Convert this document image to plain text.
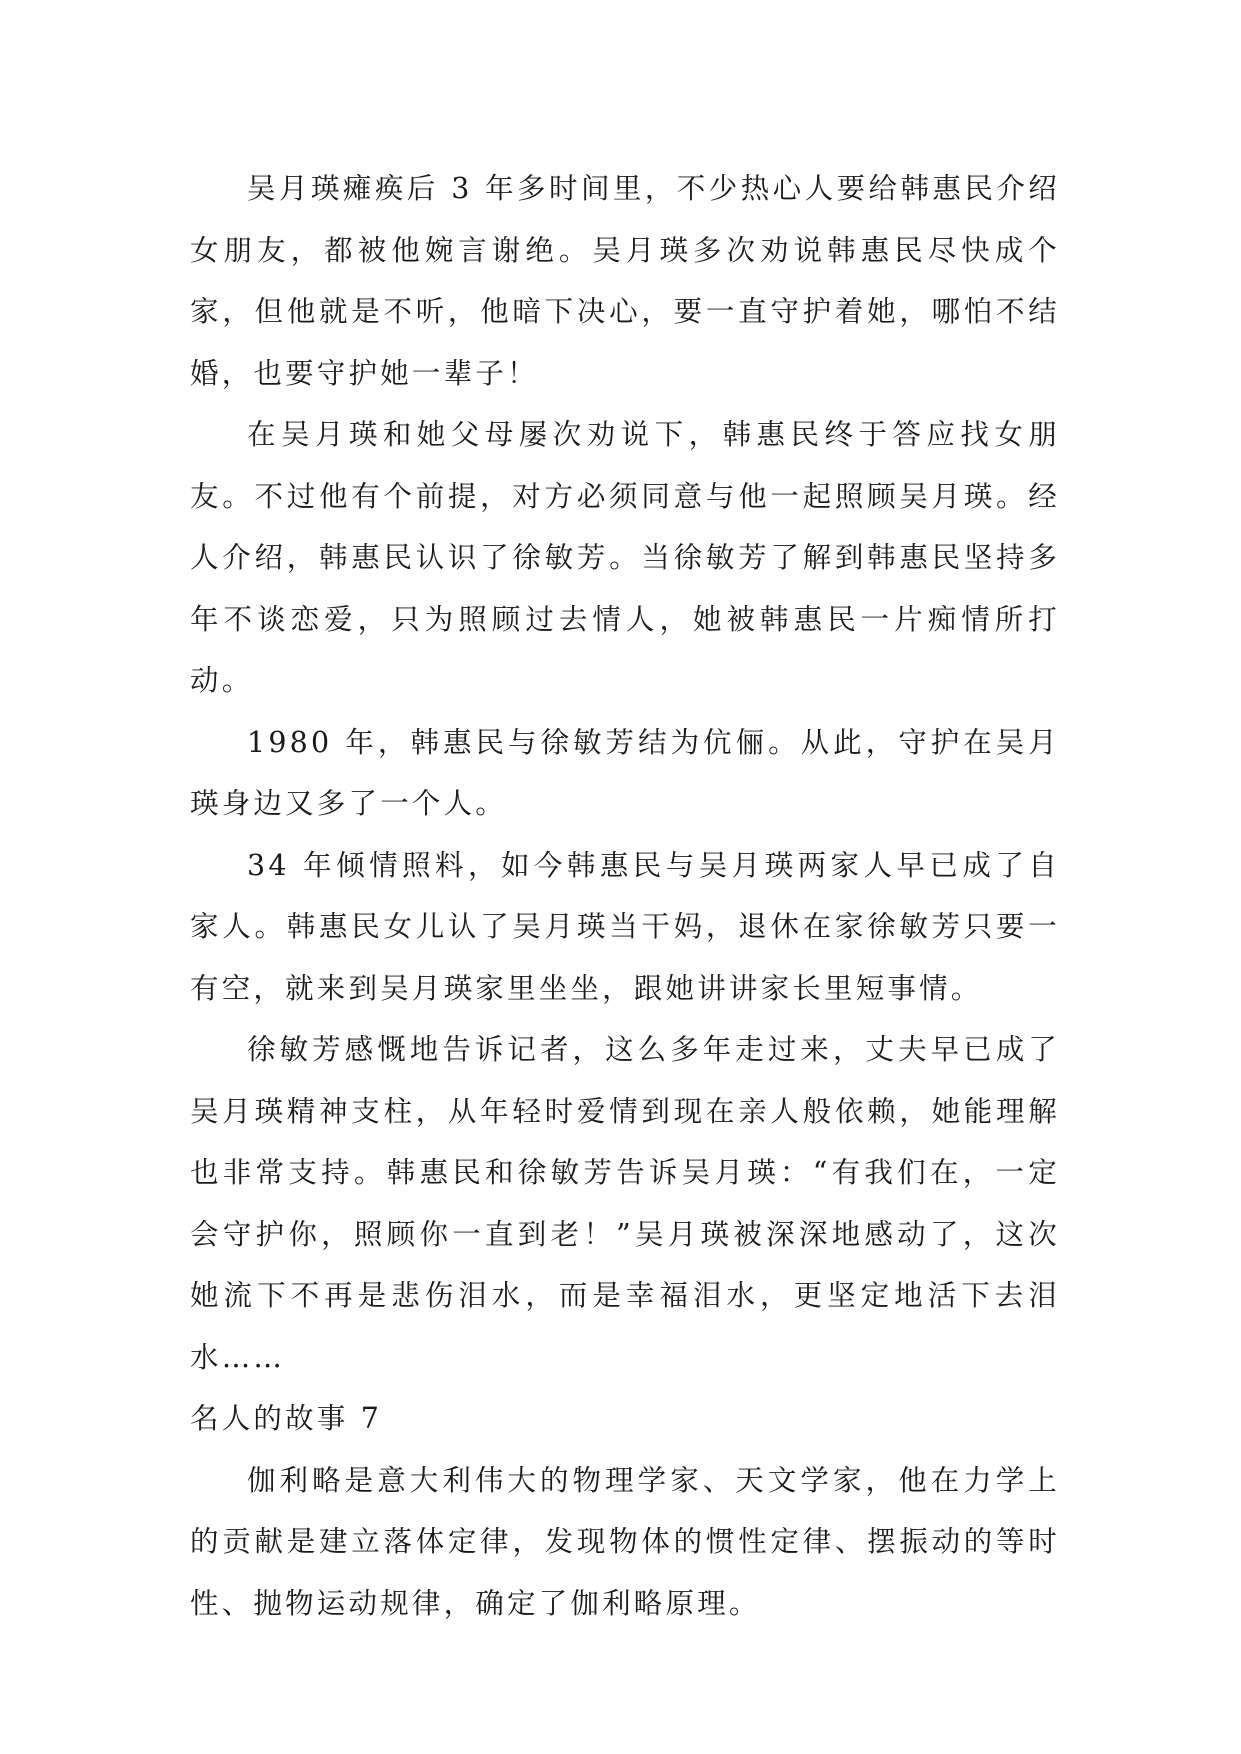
吴月瑛瘫痪后 3 年多时间里，不少热心人要给韩惠民介绍女朋友，都被他婉言谢绝。吴月瑛多次劝说韩惠民尽快成个家，但他就是不听，他暗下决心，要一直守护着她，哪怕不结婚，也要守护她一辈子！

在吴月瑛和她父母屡次劝说下，韩惠民终于答应找女朋友。不过他有个前提，对方必须同意与他一起照顾吴月瑛。经人介绍，韩惠民认识了徐敏芳。当徐敏芳了解到韩惠民坚持多年不谈恋爱，只为照顾过去情人，她被韩惠民一片痴情所打动。

1980 年，韩惠民与徐敏芳结为伉俪。从此，守护在吴月瑛身边又多了一个人。

34 年倾情照料，如今韩惠民与吴月瑛两家人早已成了自家人。韩惠民女儿认了吴月瑛当干妈，退休在家徐敏芳只要一有空，就来到吴月瑛家里坐坐，跟她讲讲家长里短事情。

徐敏芳感慨地告诉记者，这么多年走过来，丈夫早已成了吴月瑛精神支柱，从年轻时爱情到现在亲人般依赖，她能理解也非常支持。韩惠民和徐敏芳告诉吴月瑛：“有我们在，一定会守护你，照顾你一直到老！”吴月瑛被深深地感动了，这次她流下不再是悲伤泪水，而是幸福泪水，更坚定地活下去泪水……

名人的故事 7

伽利略是意大利伟大的物理学家、天文学家，他在力学上的贡献是建立落体定律，发现物体的惯性定律、摆振动的等时性、抛物运动规律，确定了伽利略原理。
